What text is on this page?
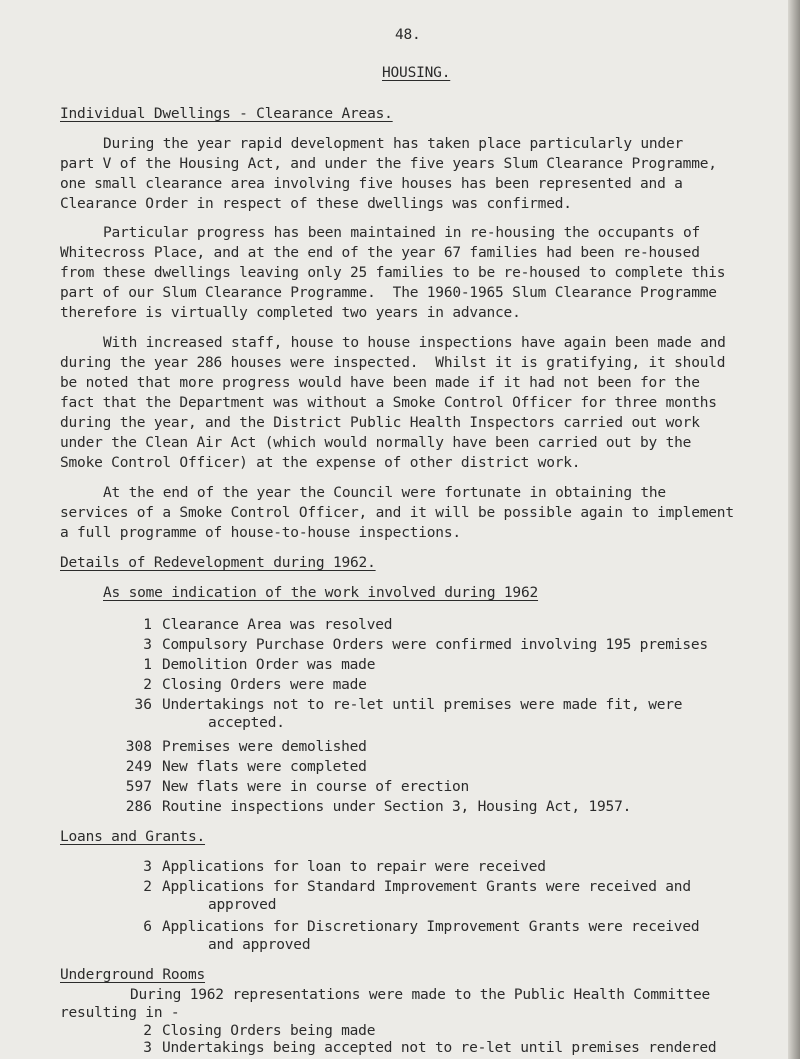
48.
HOUSING.
Individual Dwellings - Clearance Areas.
During the year rapid development has taken place particularly under
part V of the Housing Act, and under the five years Slum Clearance Programme,
one small clearance area involving five houses has been represented and a
Clearance Order in respect of these dwellings was confirmed.
Particular progress has been maintained in re-housing the occupants of
Whitecross Place, and at the end of the year 67 families had been re-housed
from these dwellings leaving only 25 families to be re-housed to complete this
part of our Slum Clearance Programme.  The 1960-1965 Slum Clearance Programme
therefore is virtually completed two years in advance.
With increased staff, house to house inspections have again been made and
during the year 286 houses were inspected.  Whilst it is gratifying, it should
be noted that more progress would have been made if it had not been for the
fact that the Department was without a Smoke Control Officer for three months
during the year, and the District Public Health Inspectors carried out work
under the Clean Air Act (which would normally have been carried out by the
Smoke Control Officer) at the expense of other district work.
At the end of the year the Council were fortunate in obtaining the
services of a Smoke Control Officer, and it will be possible again to implement
a full programme of house-to-house inspections.
Details of Redevelopment during 1962.
As some indication of the work involved during 1962
1 Clearance Area was resolved
3 Compulsory Purchase Orders were confirmed involving 195 premises
1 Demolition Order was made
2 Closing Orders were made
36 Undertakings not to re-let until premises were made fit, were
accepted.
308 Premises were demolished
249 New flats were completed
597 New flats were in course of erection
286 Routine inspections under Section 3, Housing Act, 1957.
Loans and Grants.
3 Applications for loan to repair were received
2 Applications for Standard Improvement Grants were received and
approved
6 Applications for Discretionary Improvement Grants were received
and approved
Underground Rooms
During 1962 representations were made to the Public Health Committee
resulting in -
2 Closing Orders being made
3 Undertakings being accepted not to re-let until premises rendered
